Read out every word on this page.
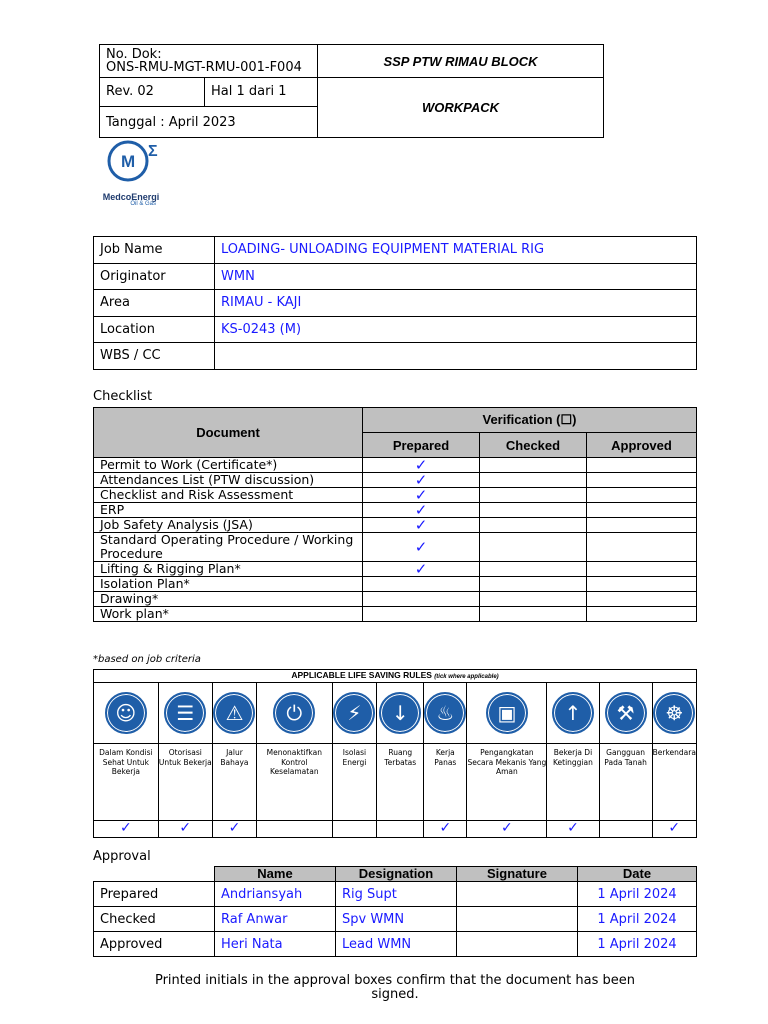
No. Dok:
ONS-RMU-MGT-RMU-001-F004	SSP PTW RIMAU BLOCK

Rev. 02 Hal 1 dari 1	WORKPACK
Tanggal : April 2023	
M
Σ
MedcoEnergi
Oil & Gas
Job Name	LOADING- UNLOADING EQUIPMENT MATERIAL RIG
Originator	WMN
Area	RIMAU - KAJI
Location	KS-0243 (M)
WBS / CC	
Checklist
Document	Verification (☐)		
	Prepared	Checked	Approved
Permit to Work (Certificate*)	✓		
Attendances List (PTW discussion)	✓		
Checklist and Risk Assessment	✓		
ERP	✓		
Job Safety Analysis (JSA)	✓		
Standard Operating Procedure / Working Procedure	✓		
Lifting & Rigging Plan*	✓		
Isolation Plan*			
Drawing*			
Work plan*			
*based on job criteria
APPLICABLE LIFE SAVING RULES (tick where applicable)										
☺	☰	⚠	⏻	⚡	↓	♨	▣	↑	⚒	☸
Dalam Kondisi Sehat Untuk Bekerja	Otorisasi Untuk Bekerja	Jalur Bahaya	Menonaktifkan Kontrol Keselamatan	Isolasi Energi	Ruang Terbatas	Kerja Panas	Pengangkatan Secara Mekanis Yang Aman	Bekerja Di Ketinggian	Gangguan Pada Tanah	Berkendara
✓	✓	✓				✓	✓	✓		✓
Approval
	Name	Designation	Signature	Date
Prepared	Andriansyah	Rig Supt		1 April 2024
Checked	Raf Anwar	Spv WMN		1 April 2024
Approved	Heri Nata	Lead WMN		1 April 2024
Printed initials in the approval boxes confirm that the document has been signed.
